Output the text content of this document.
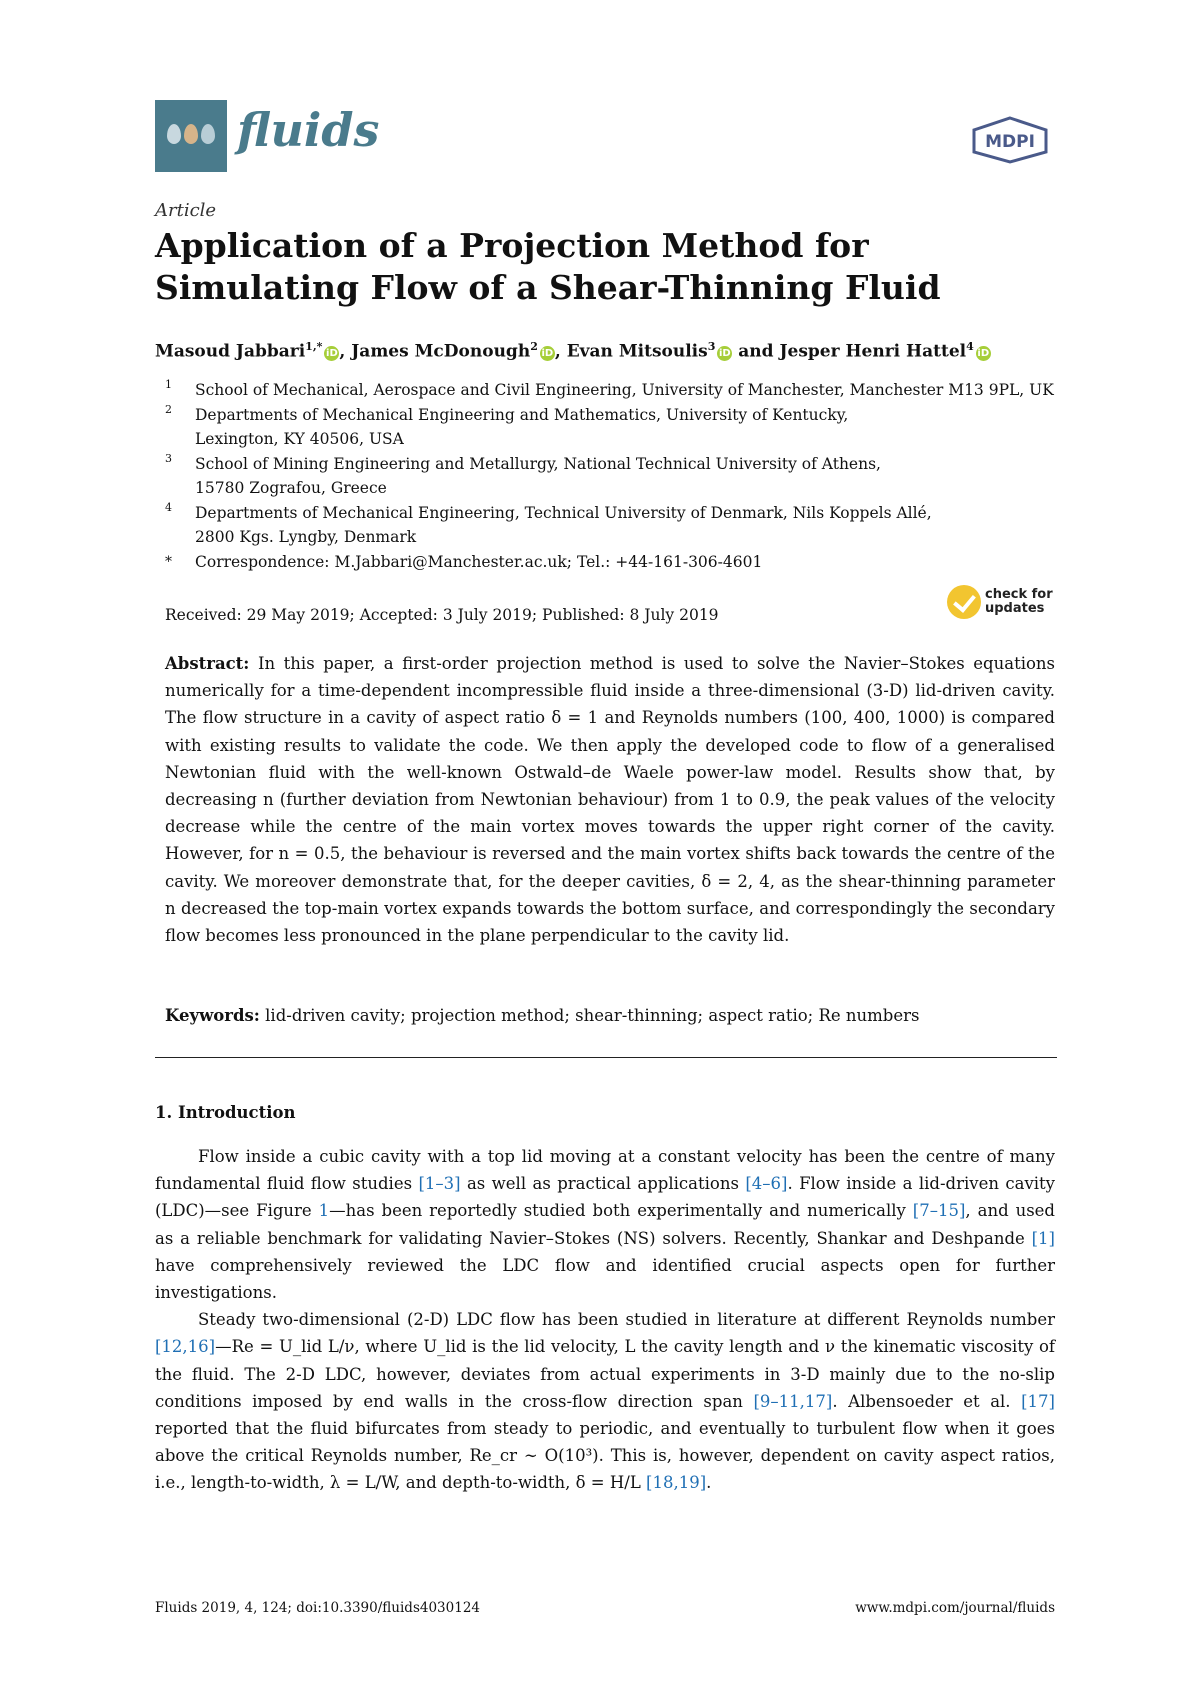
fluids	MDPI
Article
Application of a Projection Method for Simulating Flow of a Shear-Thinning Fluid
Masoud Jabbari$^{1,*}$iD, James McDonough$^2$iD, Evan Mitsoulis$^3$iD and Jesper Henri Hattel$^4$iD
1	School of Mechanical, Aerospace and Civil Engineering, University of Manchester, Manchester M13 9PL, UK
2	Departments of Mechanical Engineering and Mathematics, University of Kentucky, Lexington, KY 40506, USA
3	School of Mining Engineering and Metallurgy, National Technical University of Athens, 15780 Zografou, Greece
4	Departments of Mechanical Engineering, Technical University of Denmark, Nils Koppels Allé, 2800 Kgs. Lyngby, Denmark
*	Correspondence: M.Jabbari@Manchester.ac.uk; Tel.: +44-161-306-4601
Received: 29 May 2019; Accepted: 3 July 2019; Published: 8 July 2019
check for
updates
Abstract: In this paper, a first-order projection method is used to solve the Navier–Stokes equations numerically for a time-dependent incompressible fluid inside a three-dimensional (3-D) lid-driven cavity. The flow structure in a cavity of aspect ratio δ = 1 and Reynolds numbers (100, 400, 1000) is compared with existing results to validate the code. We then apply the developed code to flow of a generalised Newtonian fluid with the well-known Ostwald–de Waele power-law model. Results show that, by decreasing n (further deviation from Newtonian behaviour) from 1 to 0.9, the peak values of the velocity decrease while the centre of the main vortex moves towards the upper right corner of the cavity. However, for n = 0.5, the behaviour is reversed and the main vortex shifts back towards the centre of the cavity. We moreover demonstrate that, for the deeper cavities, δ = 2, 4, as the shear-thinning parameter n decreased the top-main vortex expands towards the bottom surface, and correspondingly the secondary flow becomes less pronounced in the plane perpendicular to the cavity lid.
Keywords: lid-driven cavity; projection method; shear-thinning; aspect ratio; Re numbers
1. Introduction

Flow inside a cubic cavity with a top lid moving at a constant velocity has been the centre of many fundamental fluid flow studies [1–3] as well as practical applications [4–6]. Flow inside a lid-driven cavity (LDC)—see Figure 1—has been reportedly studied both experimentally and numerically [7–15], and used as a reliable benchmark for validating Navier–Stokes (NS) solvers. Recently, Shankar and Deshpande [1] have comprehensively reviewed the LDC flow and identified crucial aspects open for further investigations.

Steady two-dimensional (2-D) LDC flow has been studied in literature at different Reynolds number [12,16]—Re = U_lid L/ν, where U_lid is the lid velocity, L the cavity length and ν the kinematic viscosity of the fluid. The 2-D LDC, however, deviates from actual experiments in 3-D mainly due to the no-slip conditions imposed by end walls in the cross-flow direction span [9–11,17]. Albensoeder et al. [17] reported that the fluid bifurcates from steady to periodic, and eventually to turbulent flow when it goes above the critical Reynolds number, Re_cr ∼ O(10³). This is, however, dependent on cavity aspect ratios, i.e., length-to-width, λ = L/W, and depth-to-width, δ = H/L [18,19].

Fluids 2019, 4, 124; doi:10.3390/fluids4030124	www.mdpi.com/journal/fluids
